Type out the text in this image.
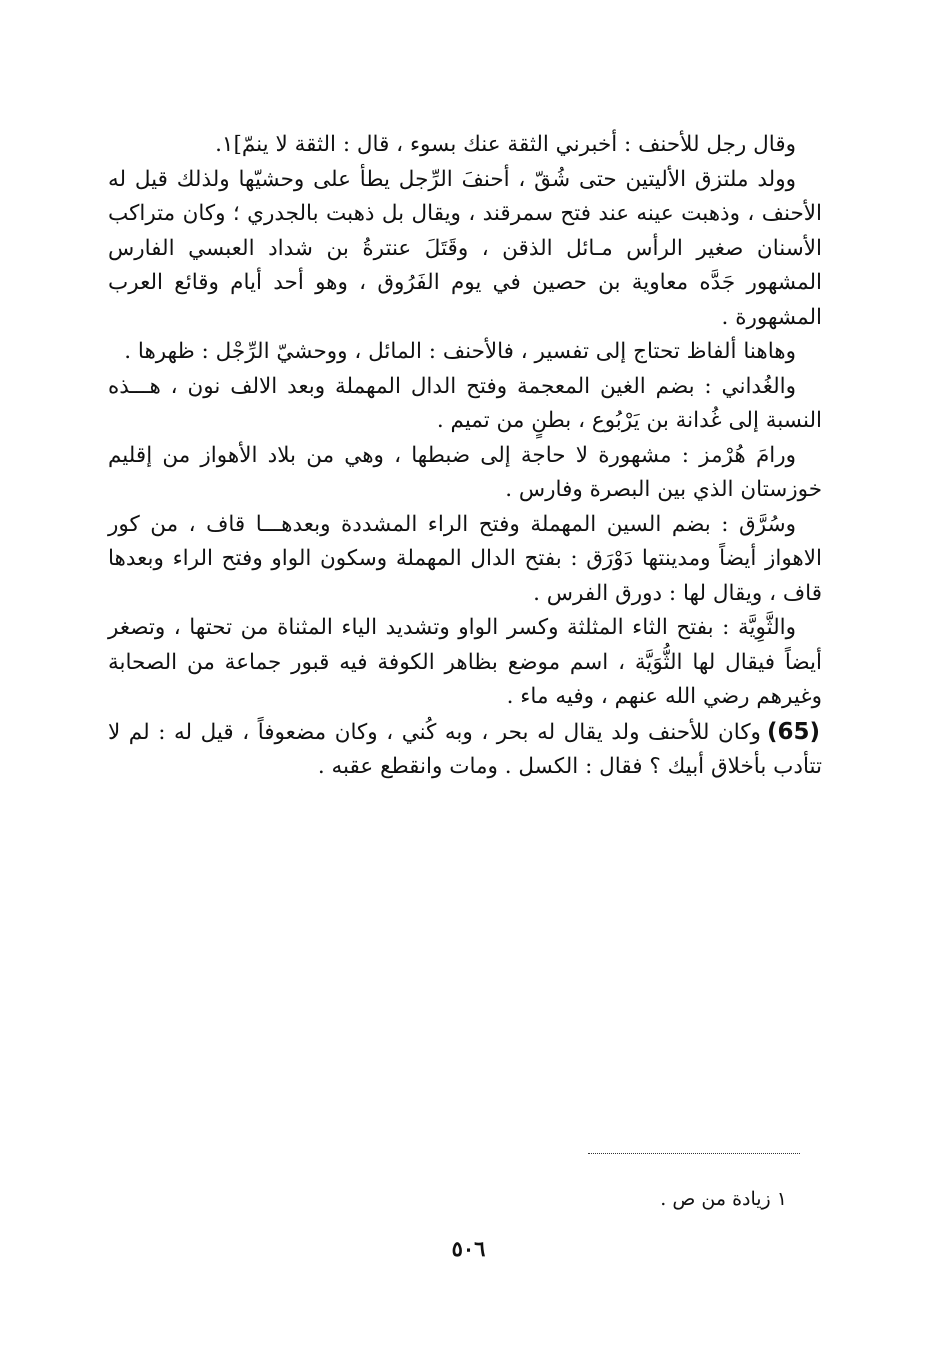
وقال رجل للأحنف : أخبرني الثقة عنك بسوء ، قال : الثقة لا ينمّ]١.

وولد ملتزق الأليتين حتى شُقّ ، أحنفَ الرِّجل يطأ على وحشيّها ولذلك قيل له الأحنف ، وذهبت عينه عند فتح سمرقند ، ويقال بل ذهبت بالجدري ؛ وكان متراكب الأسنان صغير الرأس مـائل الذقن ، وقَتَلَ عنترةُ بن شداد العبسي الفارس المشهور جَدَّه معاوية بن حصين في يوم الفَرُوق ، وهو أحد أيام وقائع العرب المشهورة .

وهاهنا ألفاظ تحتاج إلى تفسير ، فالأحنف : المائل ، ووحشيّ الرِّجْل : ظهرها .

والغُداني : بضم الغين المعجمة وفتح الدال المهملة وبعد الالف نون ، هـــذه النسبة إلى غُدانة بن يَرْبُوع ، بطنٍ من تميم .

ورامَ هُرْمز : مشهورة لا حاجة إلى ضبطها ، وهي من بلاد الأهواز من إقليم خوزستان الذي بين البصرة وفارس .

وسُرَّق : بضم السين المهملة وفتح الراء المشددة وبعدهـــا قاف ، من كور الاهواز أيضاً ومدينتها دَوْرَق : بفتح الدال المهملة وسكون الواو وفتح الراء وبعدها قاف ، ويقال لها : دورق الفرس .

والثَّوِيَّة : بفتح الثاء المثلثة وكسر الواو وتشديد الياء المثناة من تحتها ، وتصغر أيضاً فيقال لها الثُّوَيَّة ، اسم موضع بظاهر الكوفة فيه قبور جماعة من الصحابة وغيرهم رضي الله عنهم ، وفيه ماء .

(65)وكان للأحنف ولد يقال له بحر ، وبه كُني ، وكان مضعوفاً ، قيل له : لم لا تتأدب بأخلاق أبيك ؟ فقال : الكسل . ومات وانقطع عقبه .

١ زيادة من ص .
٥٠٦
